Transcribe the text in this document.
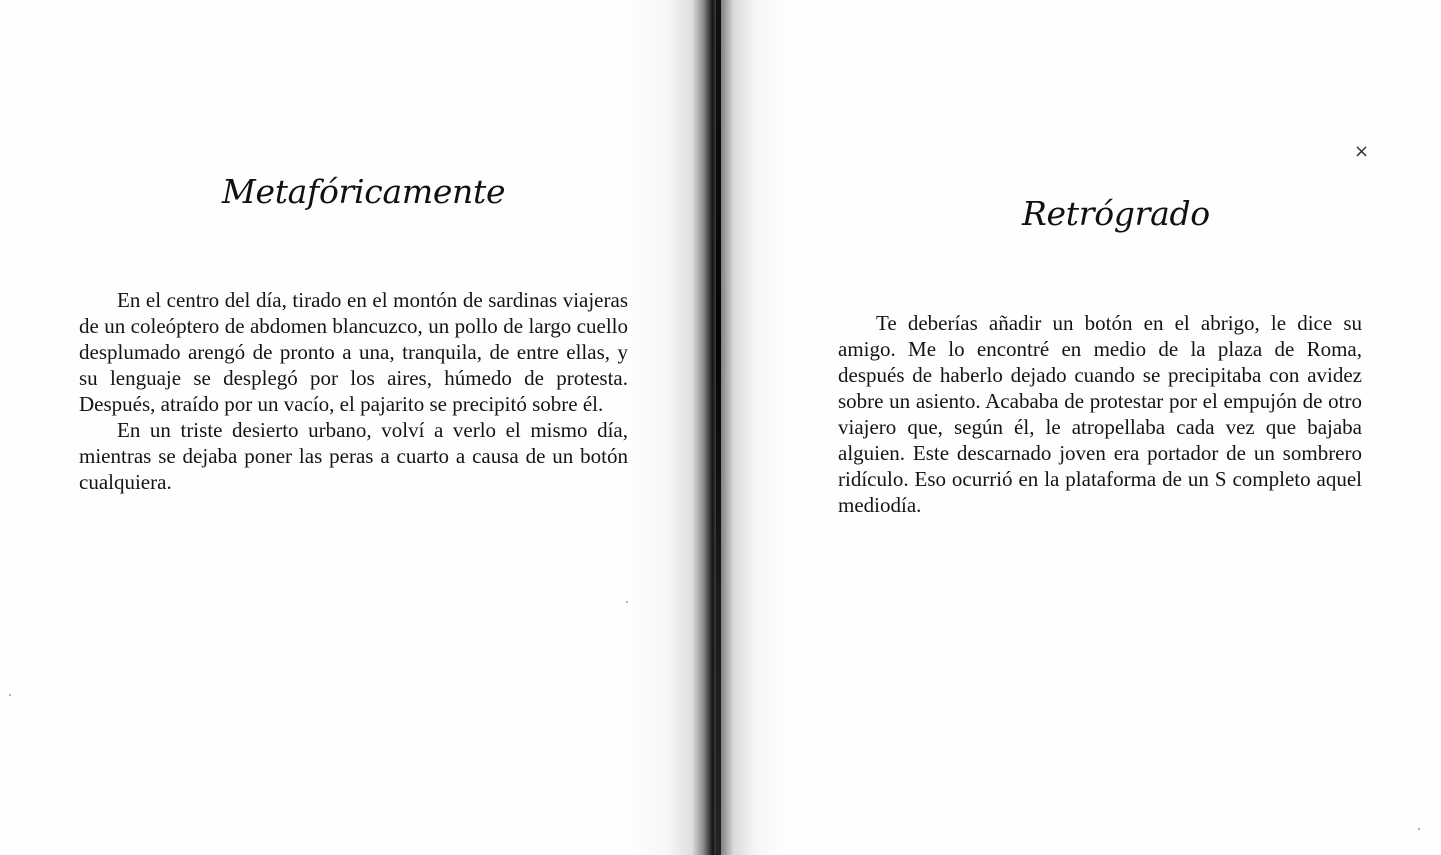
Metafóricamente

En el centro del día, tirado en el montón de sardinas viajeras de un coleóptero de abdomen blancuzco, un pollo de largo cuello desplumado arengó de pronto a una, tranquila, de entre ellas, y su lenguaje se desplegó por los aires, húmedo de protesta. Después, atraído por un vacío, el pajarito se precipitó sobre él.

En un triste desierto urbano, volví a verlo el mismo día, mientras se dejaba poner las peras a cuarto a causa de un botón cualquiera.

×
Retrógrado

Te deberías añadir un botón en el abrigo, le dice su amigo. Me lo encontré en medio de la plaza de Roma, después de haberlo dejado cuando se precipitaba con avidez sobre un asiento. Acababa de protestar por el empujón de otro viajero que, según él, le atropellaba cada vez que bajaba alguien. Este descarnado joven era portador de un sombrero ridículo. Eso ocurrió en la plataforma de un S completo aquel mediodía.
